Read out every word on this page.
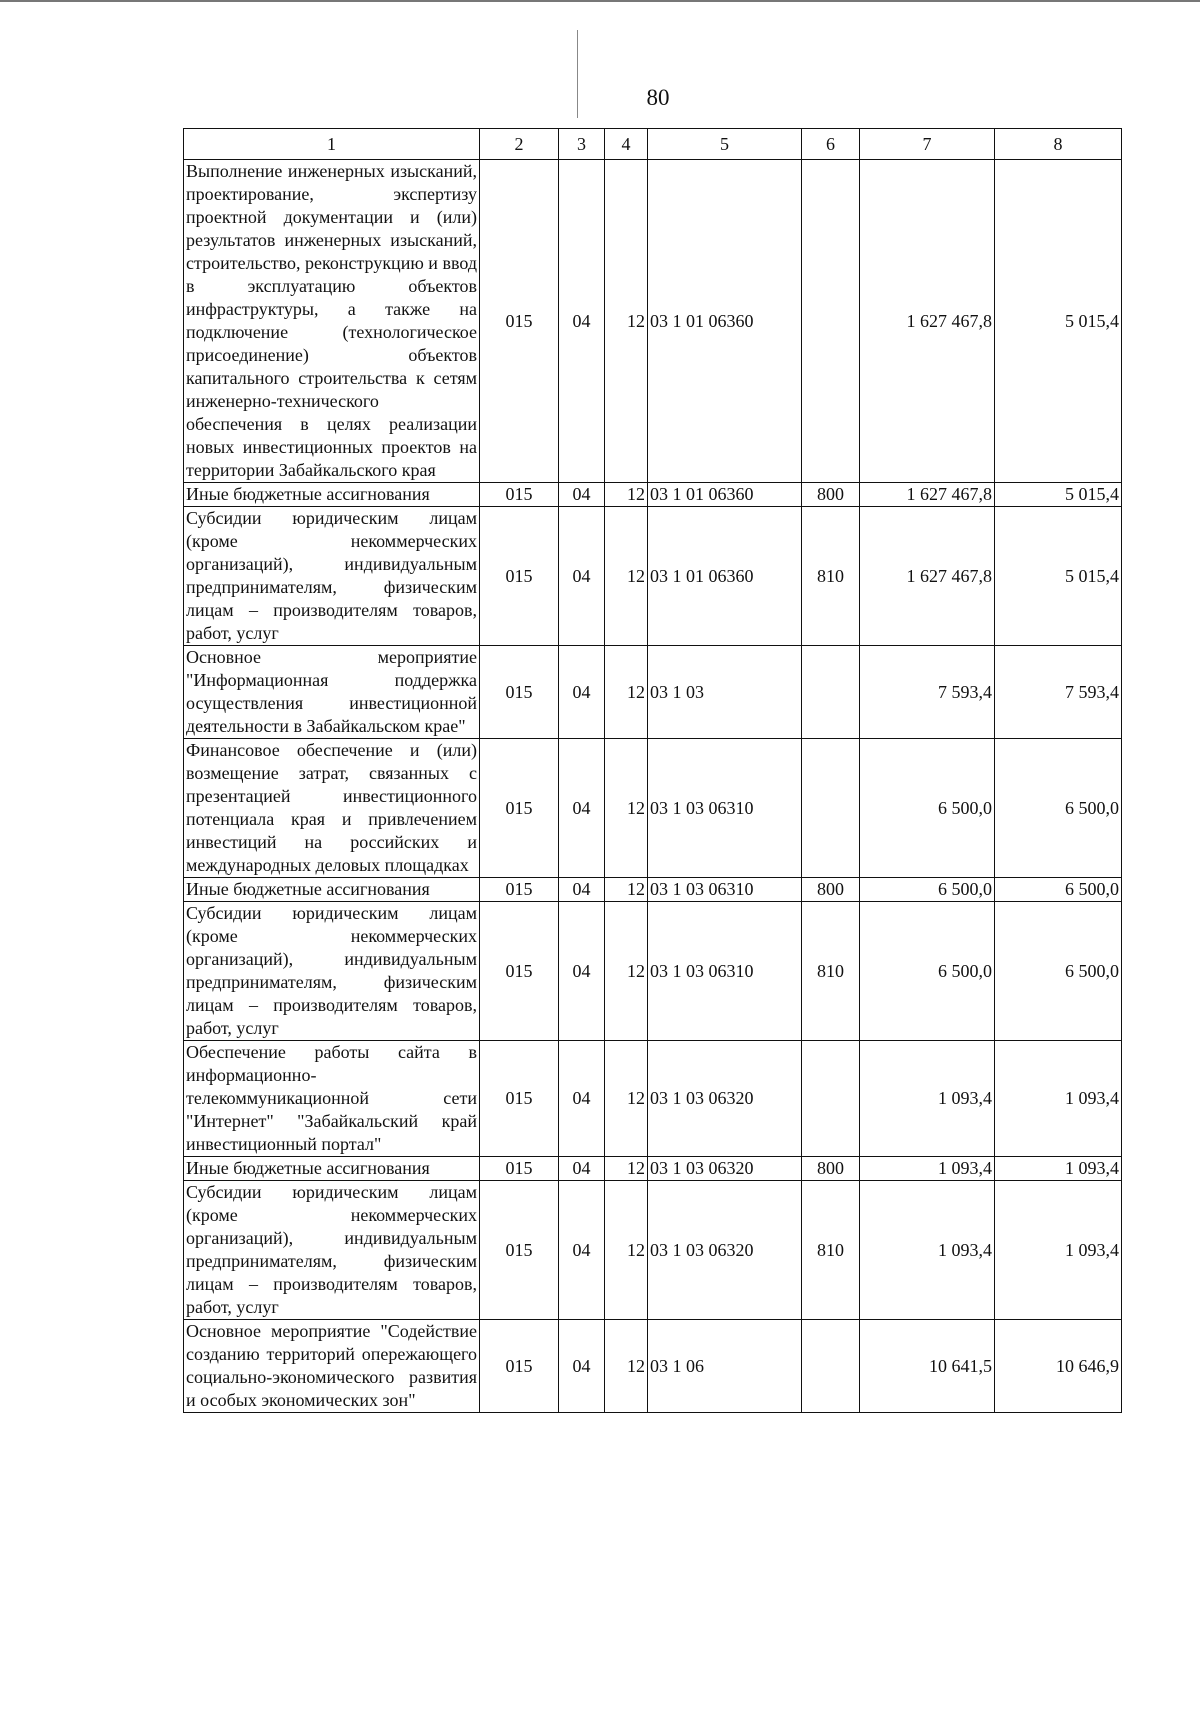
80
1	2	3	4	5	6	7	8
Выполнение инженерных изысканий, проектирование, экспертизу проектной документации и (или) результатов инженерных изысканий, строительство, реконструкцию и ввод в эксплуатацию объектов инфраструктуры, а также на подключение (технологическое присоединение) объектов капитального строительства к сетям инженерно-технического обеспечения в целях реализации новых инвестиционных проектов на территории Забайкальского края	015	04	12	03 1 01 06360		1 627 467,8	5 015,4
Иные бюджетные ассигнования	015	04	12	03 1 01 06360	800	1 627 467,8	5 015,4
Субсидии юридическим лицам (кроме некоммерческих организаций), индивидуальным предпринимателям, физическим лицам – производителям товаров, работ, услуг	015	04	12	03 1 01 06360	810	1 627 467,8	5 015,4
Основное мероприятие "Информационная поддержка осуществления инвестиционной деятельности в Забайкальском крае"	015	04	12	03 1 03		7 593,4	7 593,4
Финансовое обеспечение и (или) возмещение затрат, связанных с презентацией инвестиционного потенциала края и привлечением инвестиций на российских и международных деловых площадках	015	04	12	03 1 03 06310		6 500,0	6 500,0
Иные бюджетные ассигнования	015	04	12	03 1 03 06310	800	6 500,0	6 500,0
Субсидии юридическим лицам (кроме некоммерческих организаций), индивидуальным предпринимателям, физическим лицам – производителям товаров, работ, услуг	015	04	12	03 1 03 06310	810	6 500,0	6 500,0
Обеспечение работы сайта в информационно-телекоммуникационной сети "Интернет" "Забайкальский край инвестиционный портал"	015	04	12	03 1 03 06320		1 093,4	1 093,4
Иные бюджетные ассигнования	015	04	12	03 1 03 06320	800	1 093,4	1 093,4
Субсидии юридическим лицам (кроме некоммерческих организаций), индивидуальным предпринимателям, физическим лицам – производителям товаров, работ, услуг	015	04	12	03 1 03 06320	810	1 093,4	1 093,4
Основное мероприятие "Содействие созданию территорий опережающего социально-экономического развития и особых экономических зон"	015	04	12	03 1 06		10 641,5	10 646,9
